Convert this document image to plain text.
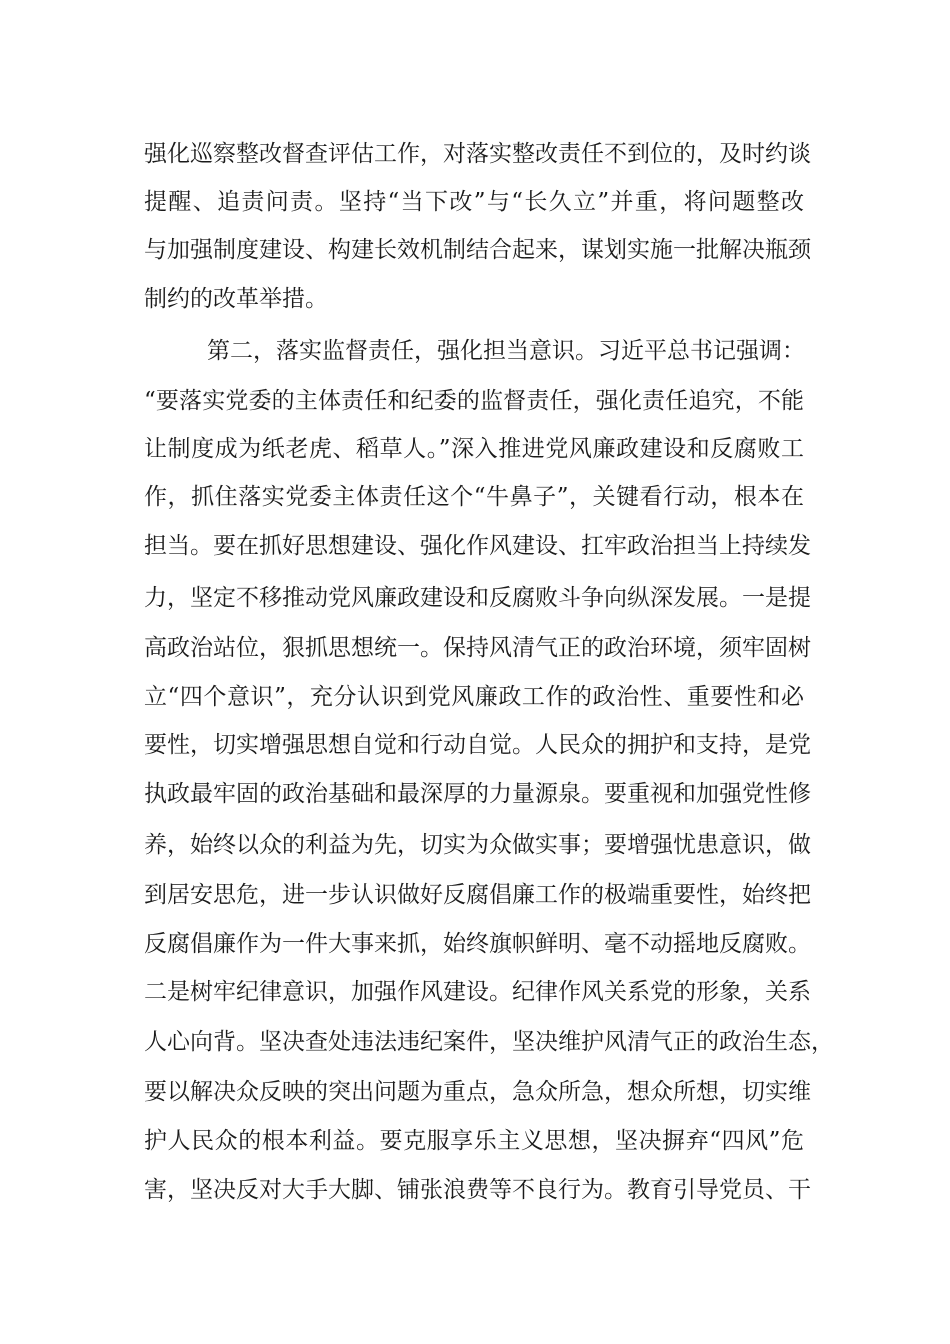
强化巡察整改督查评估工作，对落实整改责任不到位的，及时约谈

提醒、追责问责。坚持“当下改”与“长久立”并重，将问题整改

与加强制度建设、构建长效机制结合起来，谋划实施一批解决瓶颈

制约的改革举措。

第二，落实监督责任，强化担当意识。习近平总书记强调：

“要落实党委的主体责任和纪委的监督责任，强化责任追究，不能

让制度成为纸老虎、稻草人。”深入推进党风廉政建设和反腐败工

作，抓住落实党委主体责任这个“牛鼻子”，关键看行动，根本在

担当。要在抓好思想建设、强化作风建设、扛牢政治担当上持续发

力，坚定不移推动党风廉政建设和反腐败斗争向纵深发展。一是提

高政治站位，狠抓思想统一。保持风清气正的政治环境，须牢固树

立“四个意识”，充分认识到党风廉政工作的政治性、重要性和必

要性，切实增强思想自觉和行动自觉。人民众的拥护和支持，是党

执政最牢固的政治基础和最深厚的力量源泉。要重视和加强党性修

养，始终以众的利益为先，切实为众做实事；要增强忧患意识，做

到居安思危，进一步认识做好反腐倡廉工作的极端重要性，始终把

反腐倡廉作为一件大事来抓，始终旗帜鲜明、毫不动摇地反腐败。

二是树牢纪律意识，加强作风建设。纪律作风关系党的形象，关系

人心向背。坚决查处违法违纪案件，坚决维护风清气正的政治生态，

要以解决众反映的突出问题为重点，急众所急，想众所想，切实维

护人民众的根本利益。要克服享乐主义思想，坚决摒弃“四风”危

害，坚决反对大手大脚、铺张浪费等不良行为。教育引导党员、干
